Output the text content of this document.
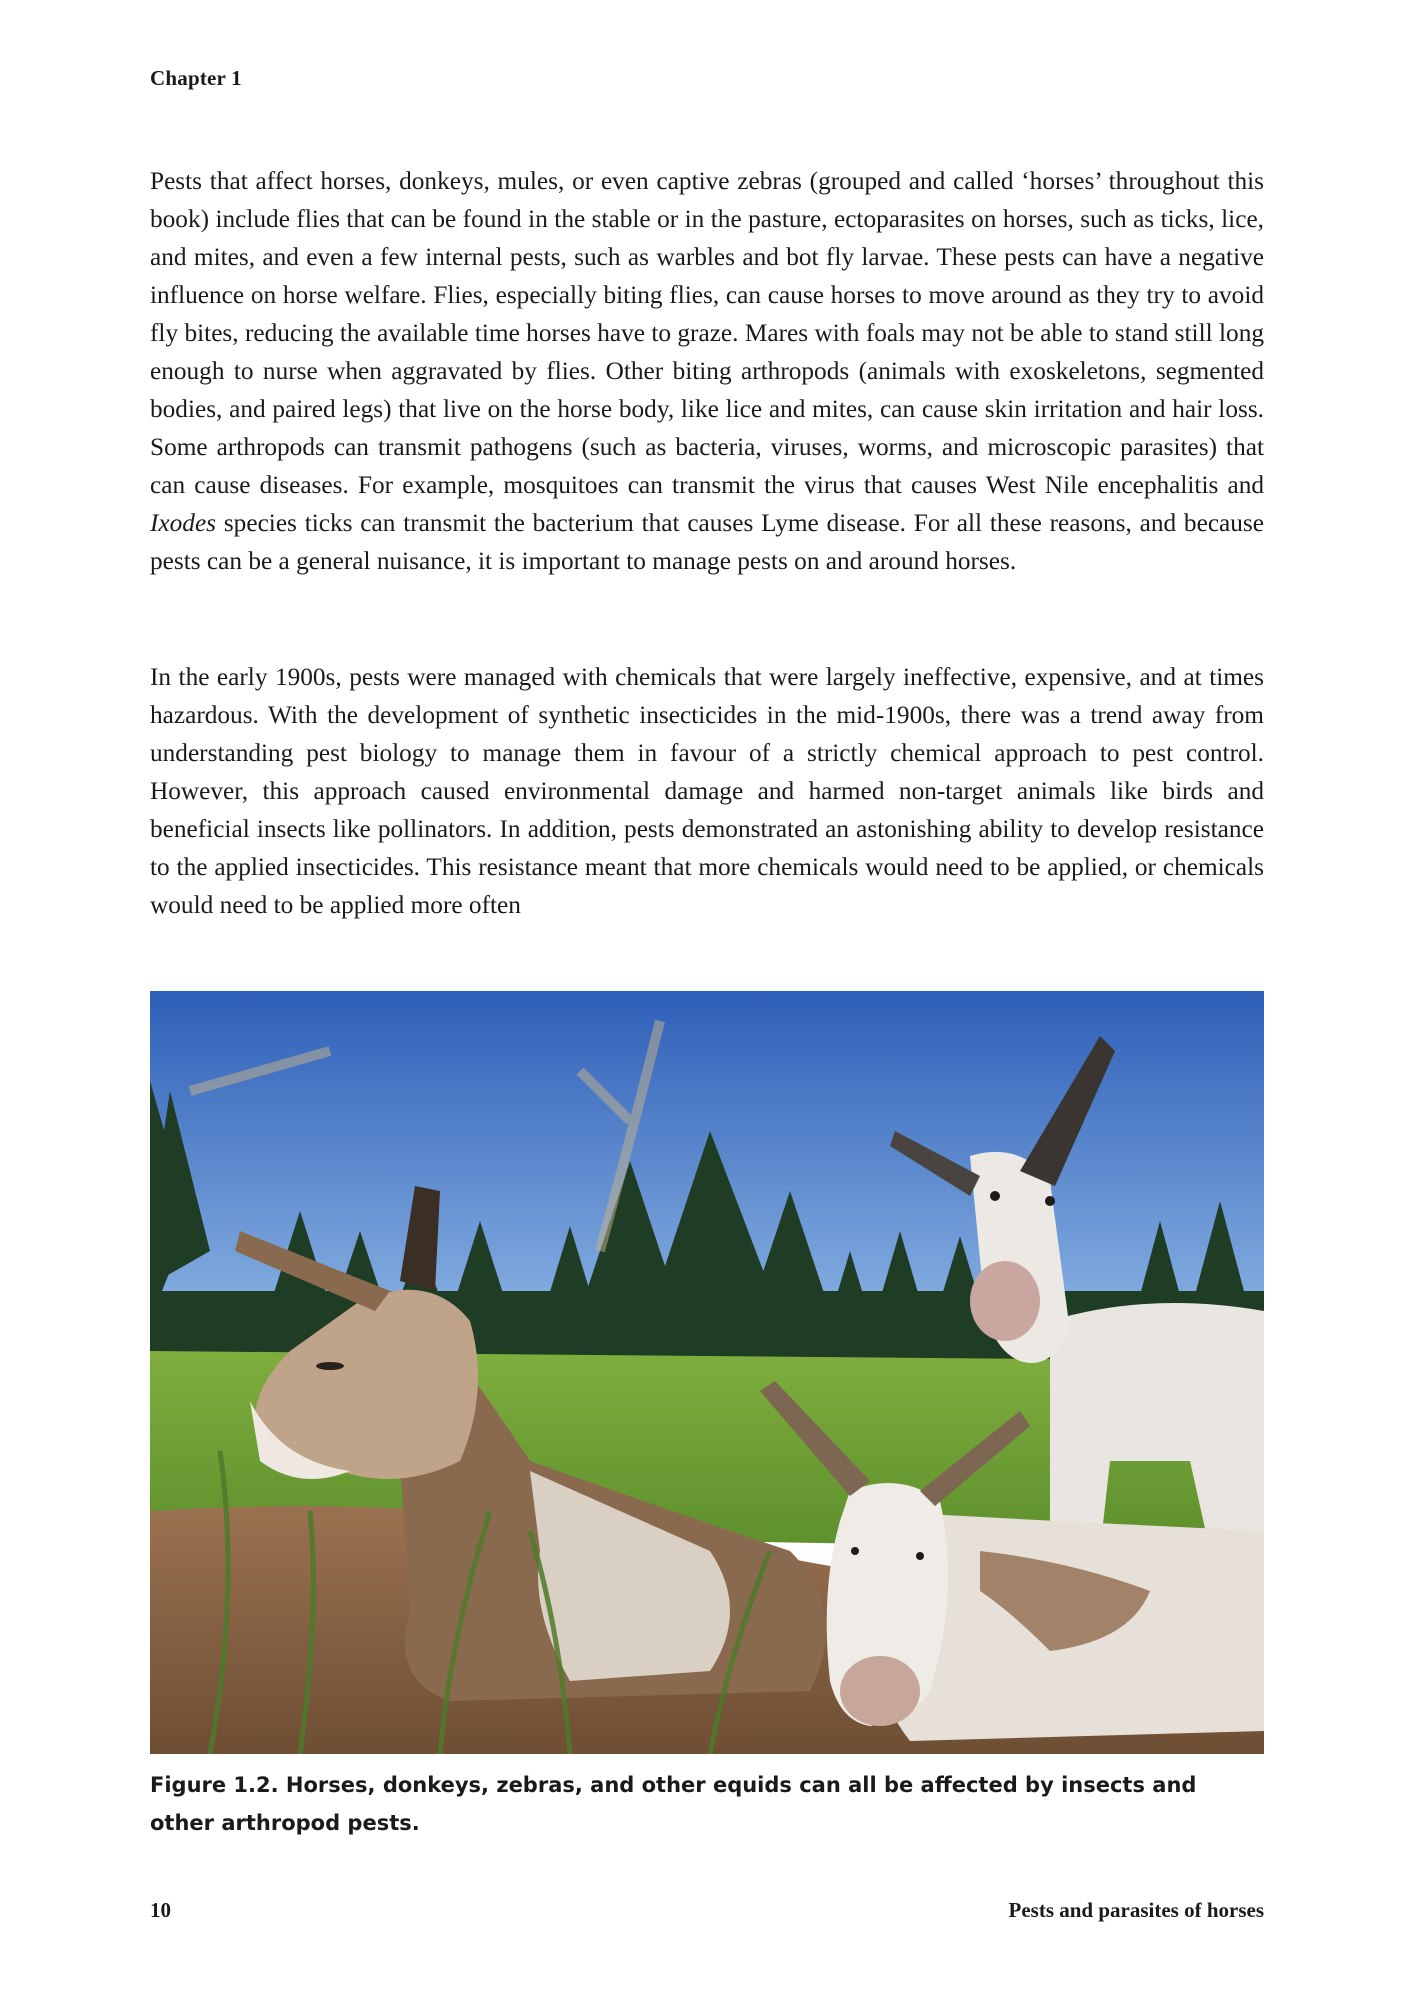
Chapter 1

Pests that affect horses, donkeys, mules, or even captive zebras (grouped and called ‘horses’ throughout this book) include flies that can be found in the stable or in the pasture, ectoparasites on horses, such as ticks, lice, and mites, and even a few internal pests, such as warbles and bot fly larvae. These pests can have a negative influence on horse welfare. Flies, especially biting flies, can cause horses to move around as they try to avoid fly bites, reducing the available time horses have to graze. Mares with foals may not be able to stand still long enough to nurse when aggravated by flies. Other biting arthropods (animals with exoskeletons, segmented bodies, and paired legs) that live on the horse body, like lice and mites, can cause skin irritation and hair loss. Some arthropods can transmit pathogens (such as bacteria, viruses, worms, and microscopic parasites) that can cause diseases. For example, mosquitoes can transmit the virus that causes West Nile encephalitis and Ixodes species ticks can transmit the bacterium that causes Lyme disease. For all these reasons, and because pests can be a general nuisance, it is important to manage pests on and around horses.

In the early 1900s, pests were managed with chemicals that were largely ineffective, expensive, and at times hazardous. With the development of synthetic insecticides in the mid-1900s, there was a trend away from understanding pest biology to manage them in favour of a strictly chemical approach to pest control. However, this approach caused environmental damage and harmed non-target animals like birds and beneficial insects like pollinators. In addition, pests demonstrated an astonishing ability to develop resistance to the applied insecticides. This resistance meant that more chemicals would need to be applied, or chemicals would need to be applied more often

Figure 1.2. Horses, donkeys, zebras, and other equids can all be affected by insects and other arthropod pests.

10	Pests and parasites of horses
